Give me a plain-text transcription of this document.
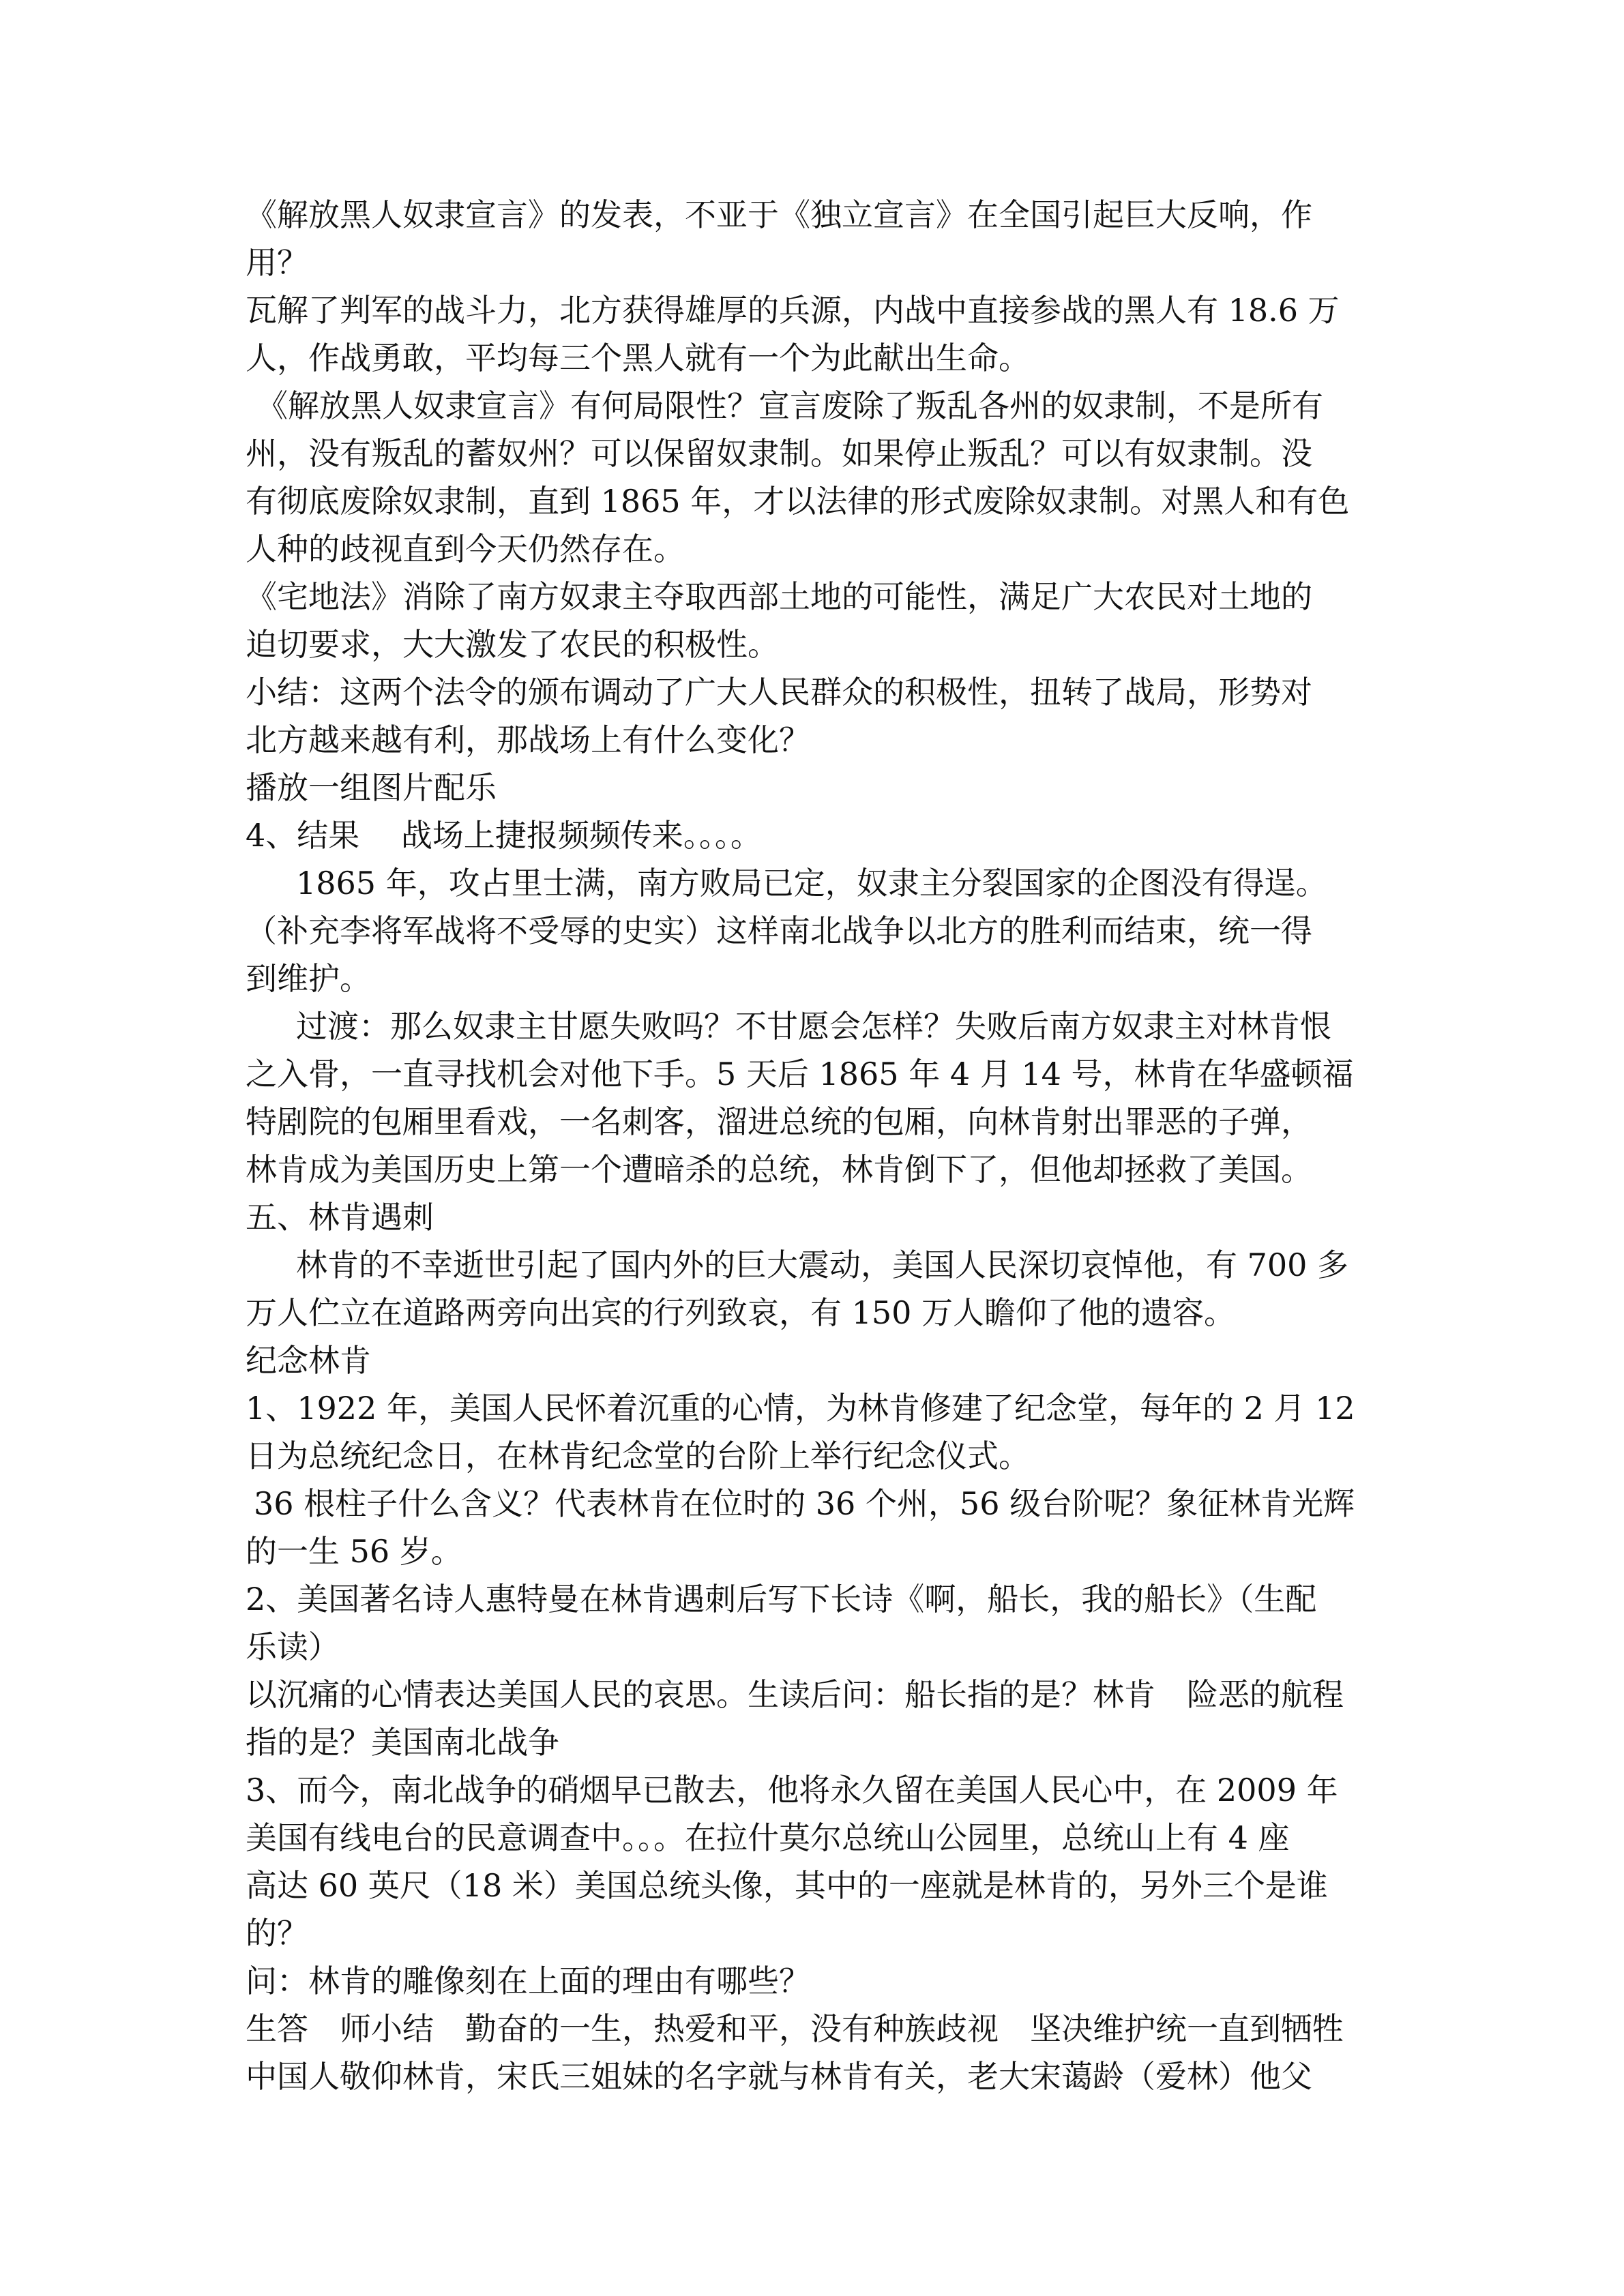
《解放黑人奴隶宣言》的发表，不亚于《独立宣言》在全国引起巨大反响，作
用？
瓦解了判军的战斗力，北方获得雄厚的兵源，内战中直接参战的黑人有 18.6 万
人，作战勇敢，平均每三个黑人就有一个为此献出生命。
《解放黑人奴隶宣言》有何局限性？宣言废除了叛乱各州的奴隶制，不是所有
州，没有叛乱的蓄奴州？可以保留奴隶制。如果停止叛乱？可以有奴隶制。没
有彻底废除奴隶制，直到 1865 年，才以法律的形式废除奴隶制。对黑人和有色
人种的歧视直到今天仍然存在。
《宅地法》消除了南方奴隶主夺取西部土地的可能性，满足广大农民对土地的
迫切要求，大大激发了农民的积极性。
小结：这两个法令的颁布调动了广大人民群众的积极性，扭转了战局，形势对
北方越来越有利，那战场上有什么变化？
播放一组图片配乐
4、结果　 战场上捷报频频传来。。。。
1865 年，攻占里士满，南方败局已定，奴隶主分裂国家的企图没有得逞。
（补充李将军战将不受辱的史实）这样南北战争以北方的胜利而结束，统一得
到维护。
过渡：那么奴隶主甘愿失败吗？不甘愿会怎样？失败后南方奴隶主对林肯恨
之入骨，一直寻找机会对他下手。5 天后 1865 年 4 月 14 号，林肯在华盛顿福
特剧院的包厢里看戏，一名刺客，溜进总统的包厢，向林肯射出罪恶的子弹，
林肯成为美国历史上第一个遭暗杀的总统，林肯倒下了，但他却拯救了美国。
五、林肯遇刺
林肯的不幸逝世引起了国内外的巨大震动，美国人民深切哀悼他，有 700 多
万人伫立在道路两旁向出宾的行列致哀，有 150 万人瞻仰了他的遗容。
纪念林肯
1、1922 年，美国人民怀着沉重的心情，为林肯修建了纪念堂，每年的 2 月 12
日为总统纪念日，在林肯纪念堂的台阶上举行纪念仪式。
36 根柱子什么含义？代表林肯在位时的 36 个州，56 级台阶呢？象征林肯光辉
的一生 56 岁。
2、美国著名诗人惠特曼在林肯遇刺后写下长诗《啊，船长，我的船长》（生配
乐读）
以沉痛的心情表达美国人民的哀思。生读后问：船长指的是？林肯　险恶的航程
指的是？美国南北战争
3、而今，南北战争的硝烟早已散去，他将永久留在美国人民心中，在 2009 年
美国有线电台的民意调查中。。。在拉什莫尔总统山公园里，总统山上有 4 座
高达 60 英尺（18 米）美国总统头像，其中的一座就是林肯的，另外三个是谁
的？
问：林肯的雕像刻在上面的理由有哪些？
生答　师小结　勤奋的一生，热爱和平，没有种族歧视　坚决维护统一直到牺牲
中国人敬仰林肯，宋氏三姐妹的名字就与林肯有关，老大宋蔼龄（爱林）他父
